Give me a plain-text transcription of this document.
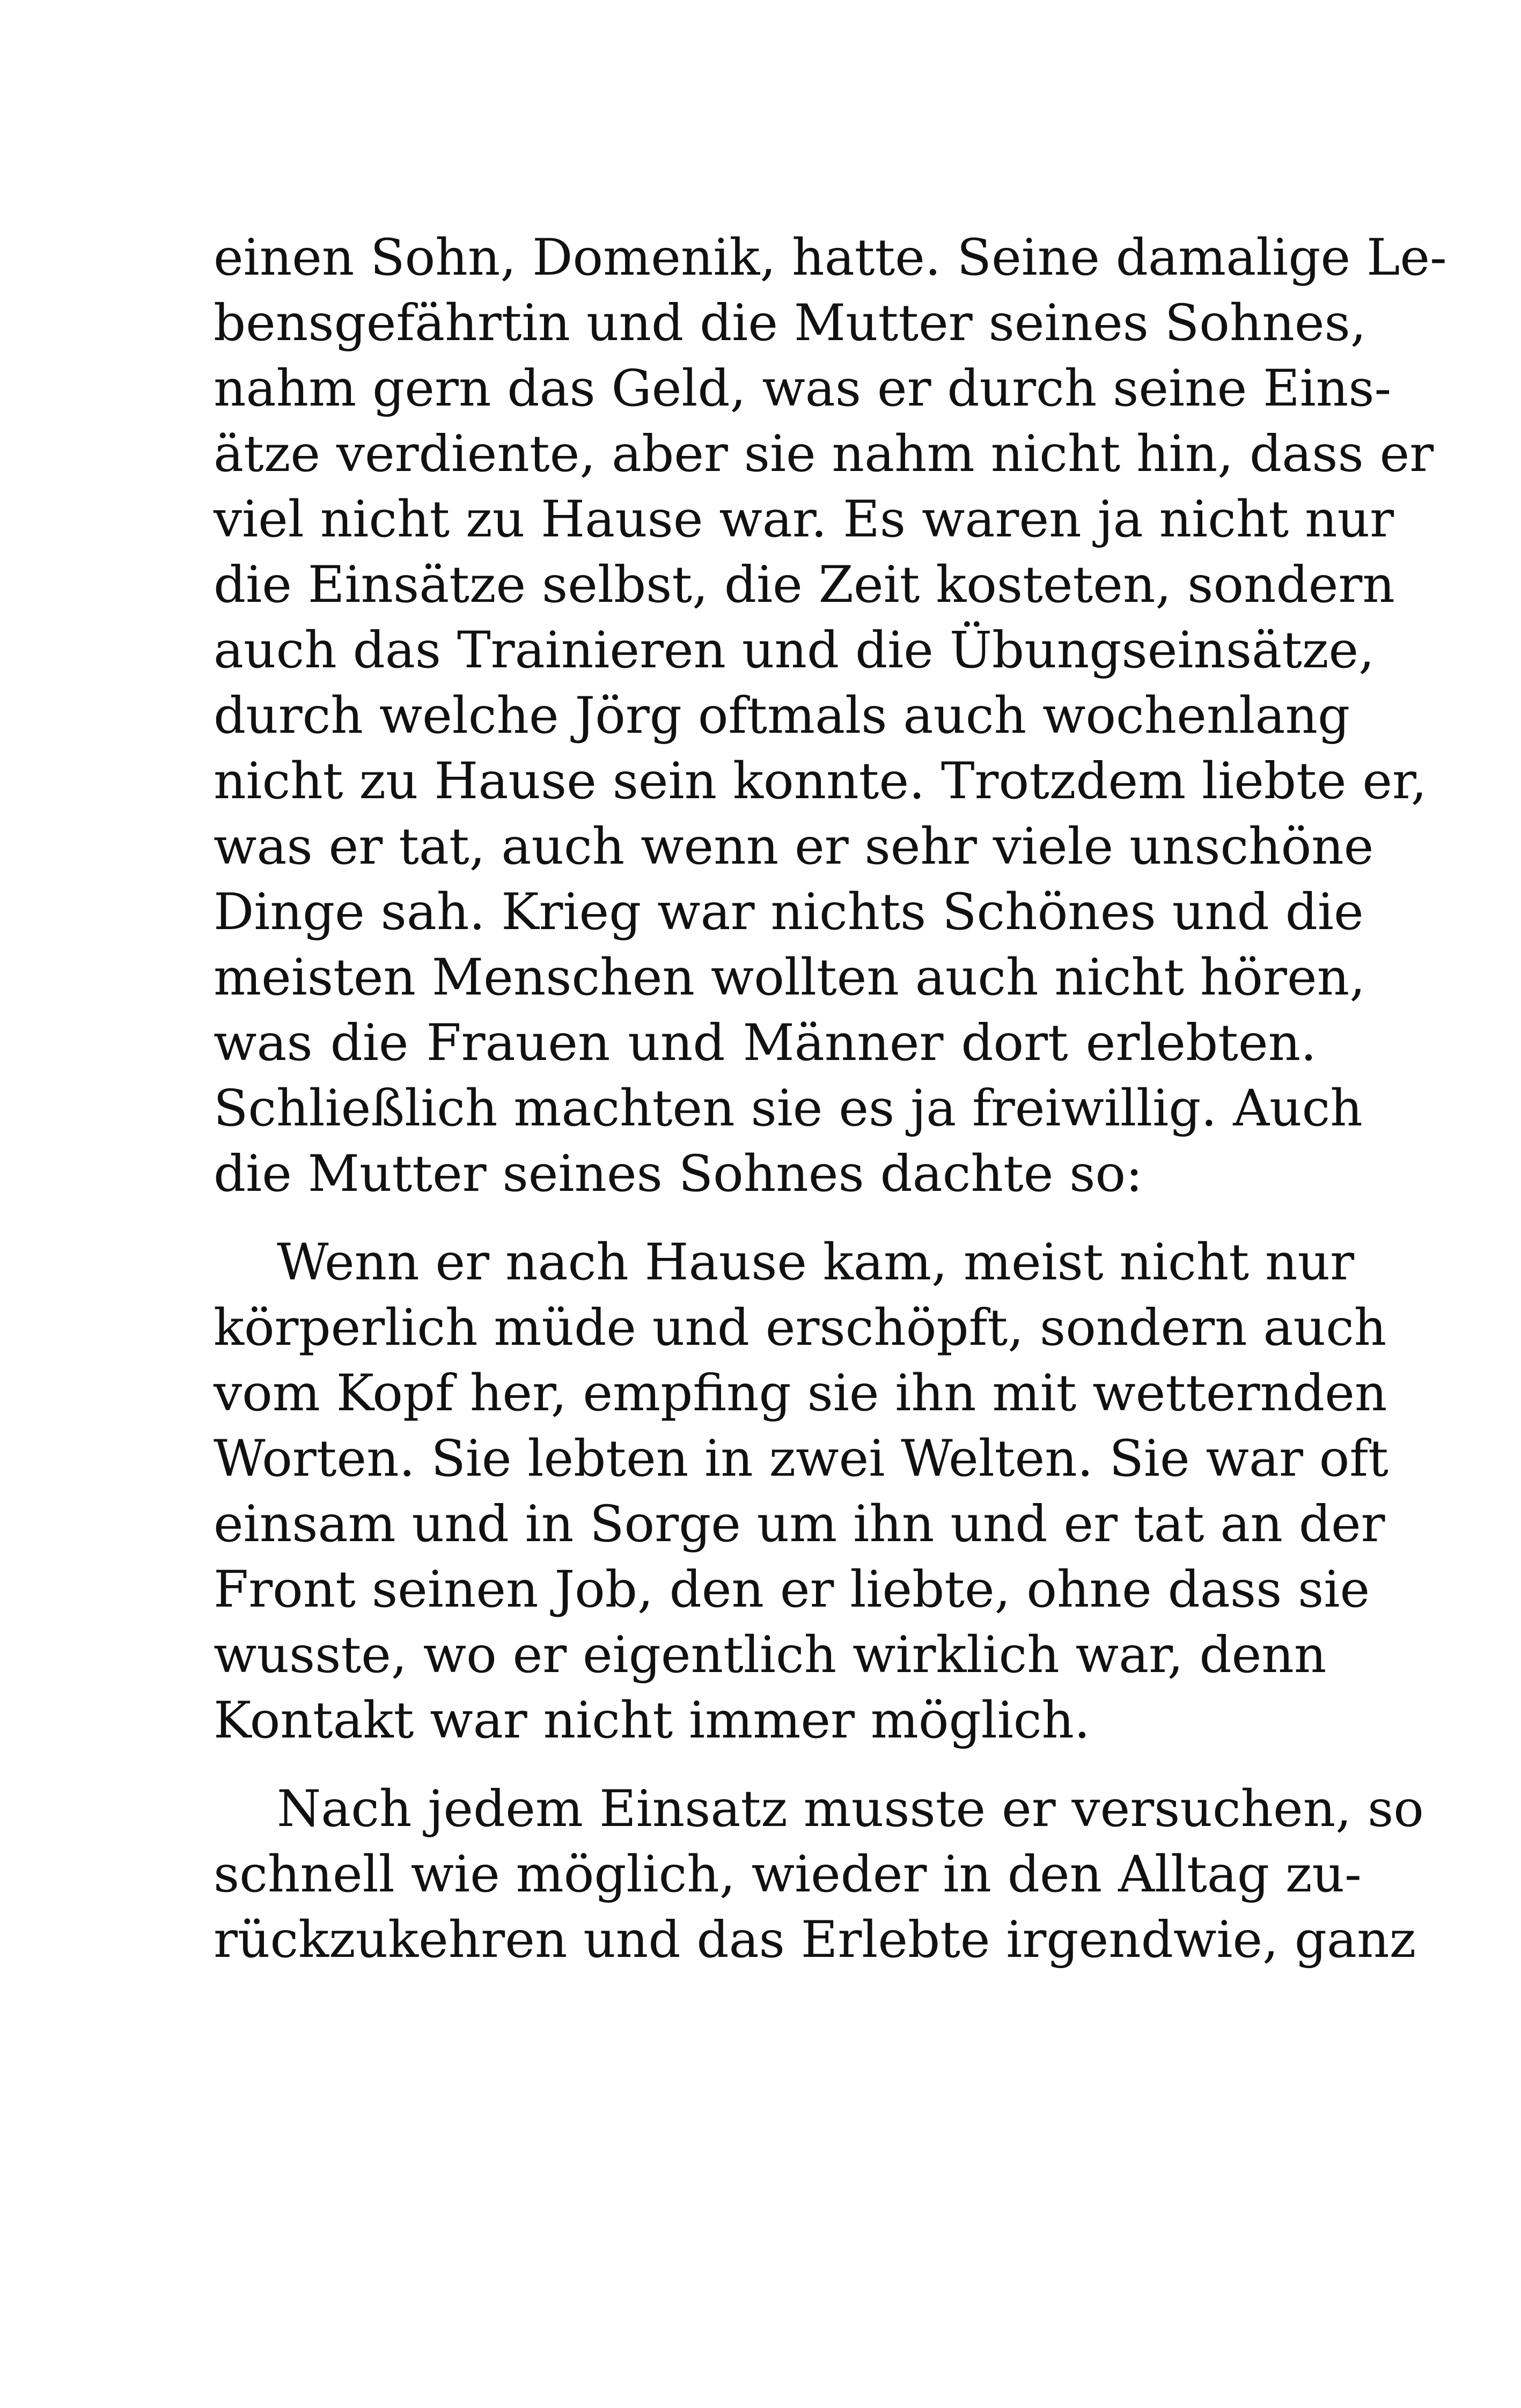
einen Sohn, Domenik, hatte. Seine damalige Le-
bensgefährtin und die Mutter seines Sohnes,
nahm gern das Geld, was er durch seine Eins-
ätze verdiente, aber sie nahm nicht hin, dass er
viel nicht zu Hause war. Es waren ja nicht nur
die Einsätze selbst, die Zeit kosteten, sondern
auch das Trainieren und die Übungseinsätze,
durch welche Jörg oftmals auch wochenlang
nicht zu Hause sein konnte. Trotzdem liebte er,
was er tat, auch wenn er sehr viele unschöne
Dinge sah. Krieg war nichts Schönes und die
meisten Menschen wollten auch nicht hören,
was die Frauen und Männer dort erlebten.
Schließlich machten sie es ja freiwillig. Auch
die Mutter seines Sohnes dachte so:
Wenn er nach Hause kam, meist nicht nur
körperlich müde und erschöpft, sondern auch
vom Kopf her, empfing sie ihn mit wetternden
Worten. Sie lebten in zwei Welten. Sie war oft
einsam und in Sorge um ihn und er tat an der
Front seinen Job, den er liebte, ohne dass sie
wusste, wo er eigentlich wirklich war, denn
Kontakt war nicht immer möglich.
Nach jedem Einsatz musste er versuchen, so
schnell wie möglich, wieder in den Alltag zu-
rückzukehren und das Erlebte irgendwie, ganz
